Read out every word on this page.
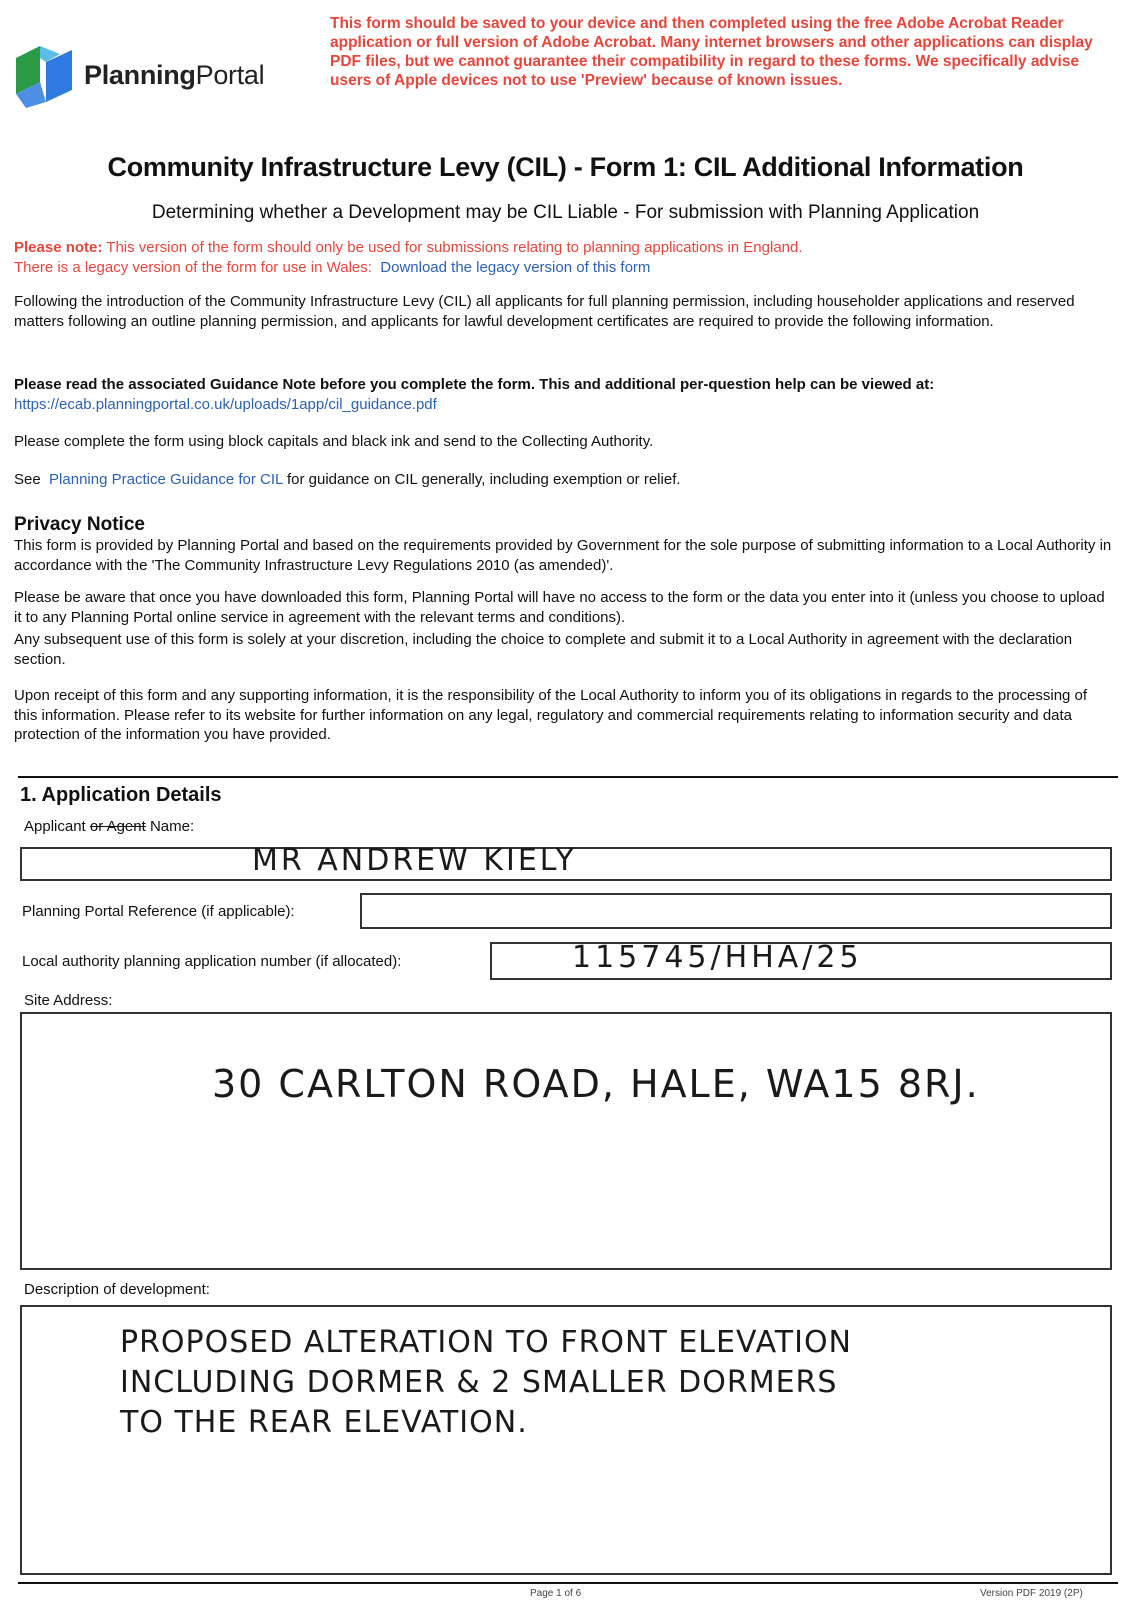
PlanningPortal
This form should be saved to your device and then completed using the free Adobe Acrobat Reader application or full version of Adobe Acrobat. Many internet browsers and other applications can display PDF files, but we cannot guarantee their compatibility in regard to these forms. We specifically advise users of Apple devices not to use 'Preview' because of known issues.
Community Infrastructure Levy (CIL) - Form 1: CIL Additional Information
Determining whether a Development may be CIL Liable - For submission with Planning Application
Please note: This version of the form should only be used for submissions relating to planning applications in England.
There is a legacy version of the form for use in Wales: Download the legacy version of this form
Following the introduction of the Community Infrastructure Levy (CIL) all applicants for full planning permission, including householder applications and reserved matters following an outline planning permission, and applicants for lawful development certificates are required to provide the following information.
Please read the associated Guidance Note before you complete the form. This and additional per-question help can be viewed at:
https://ecab.planningportal.co.uk/uploads/1app/cil_guidance.pdf
Please complete the form using block capitals and black ink and send to the Collecting Authority.
See Planning Practice Guidance for CIL for guidance on CIL generally, including exemption or relief.
Privacy Notice
This form is provided by Planning Portal and based on the requirements provided by Government for the sole purpose of submitting information to a Local Authority in accordance with the 'The Community Infrastructure Levy Regulations 2010 (as amended)'.
Please be aware that once you have downloaded this form, Planning Portal will have no access to the form or the data you enter into it (unless you choose to upload it to any Planning Portal online service in agreement with the relevant terms and conditions).
Any subsequent use of this form is solely at your discretion, including the choice to complete and submit it to a Local Authority in agreement with the declaration section.
Upon receipt of this form and any supporting information, it is the responsibility of the Local Authority to inform you of its obligations in regards to the processing of this information. Please refer to its website for further information on any legal, regulatory and commercial requirements relating to information security and data protection of the information you have provided.
1. Application Details
Applicant or Agent Name:
MR ANDREW KIELY
Planning Portal Reference (if applicable):
Local authority planning application number (if allocated):	115745/HHA/25
Site Address:
30 CARLTON ROAD, HALE, WA15 8RJ.
Description of development:
PROPOSED ALTERATION TO FRONT ELEVATION
INCLUDING DORMER & 2 SMALLER DORMERS
TO THE REAR ELEVATION.
Page 1 of 6	Version PDF 2019 (2P)
